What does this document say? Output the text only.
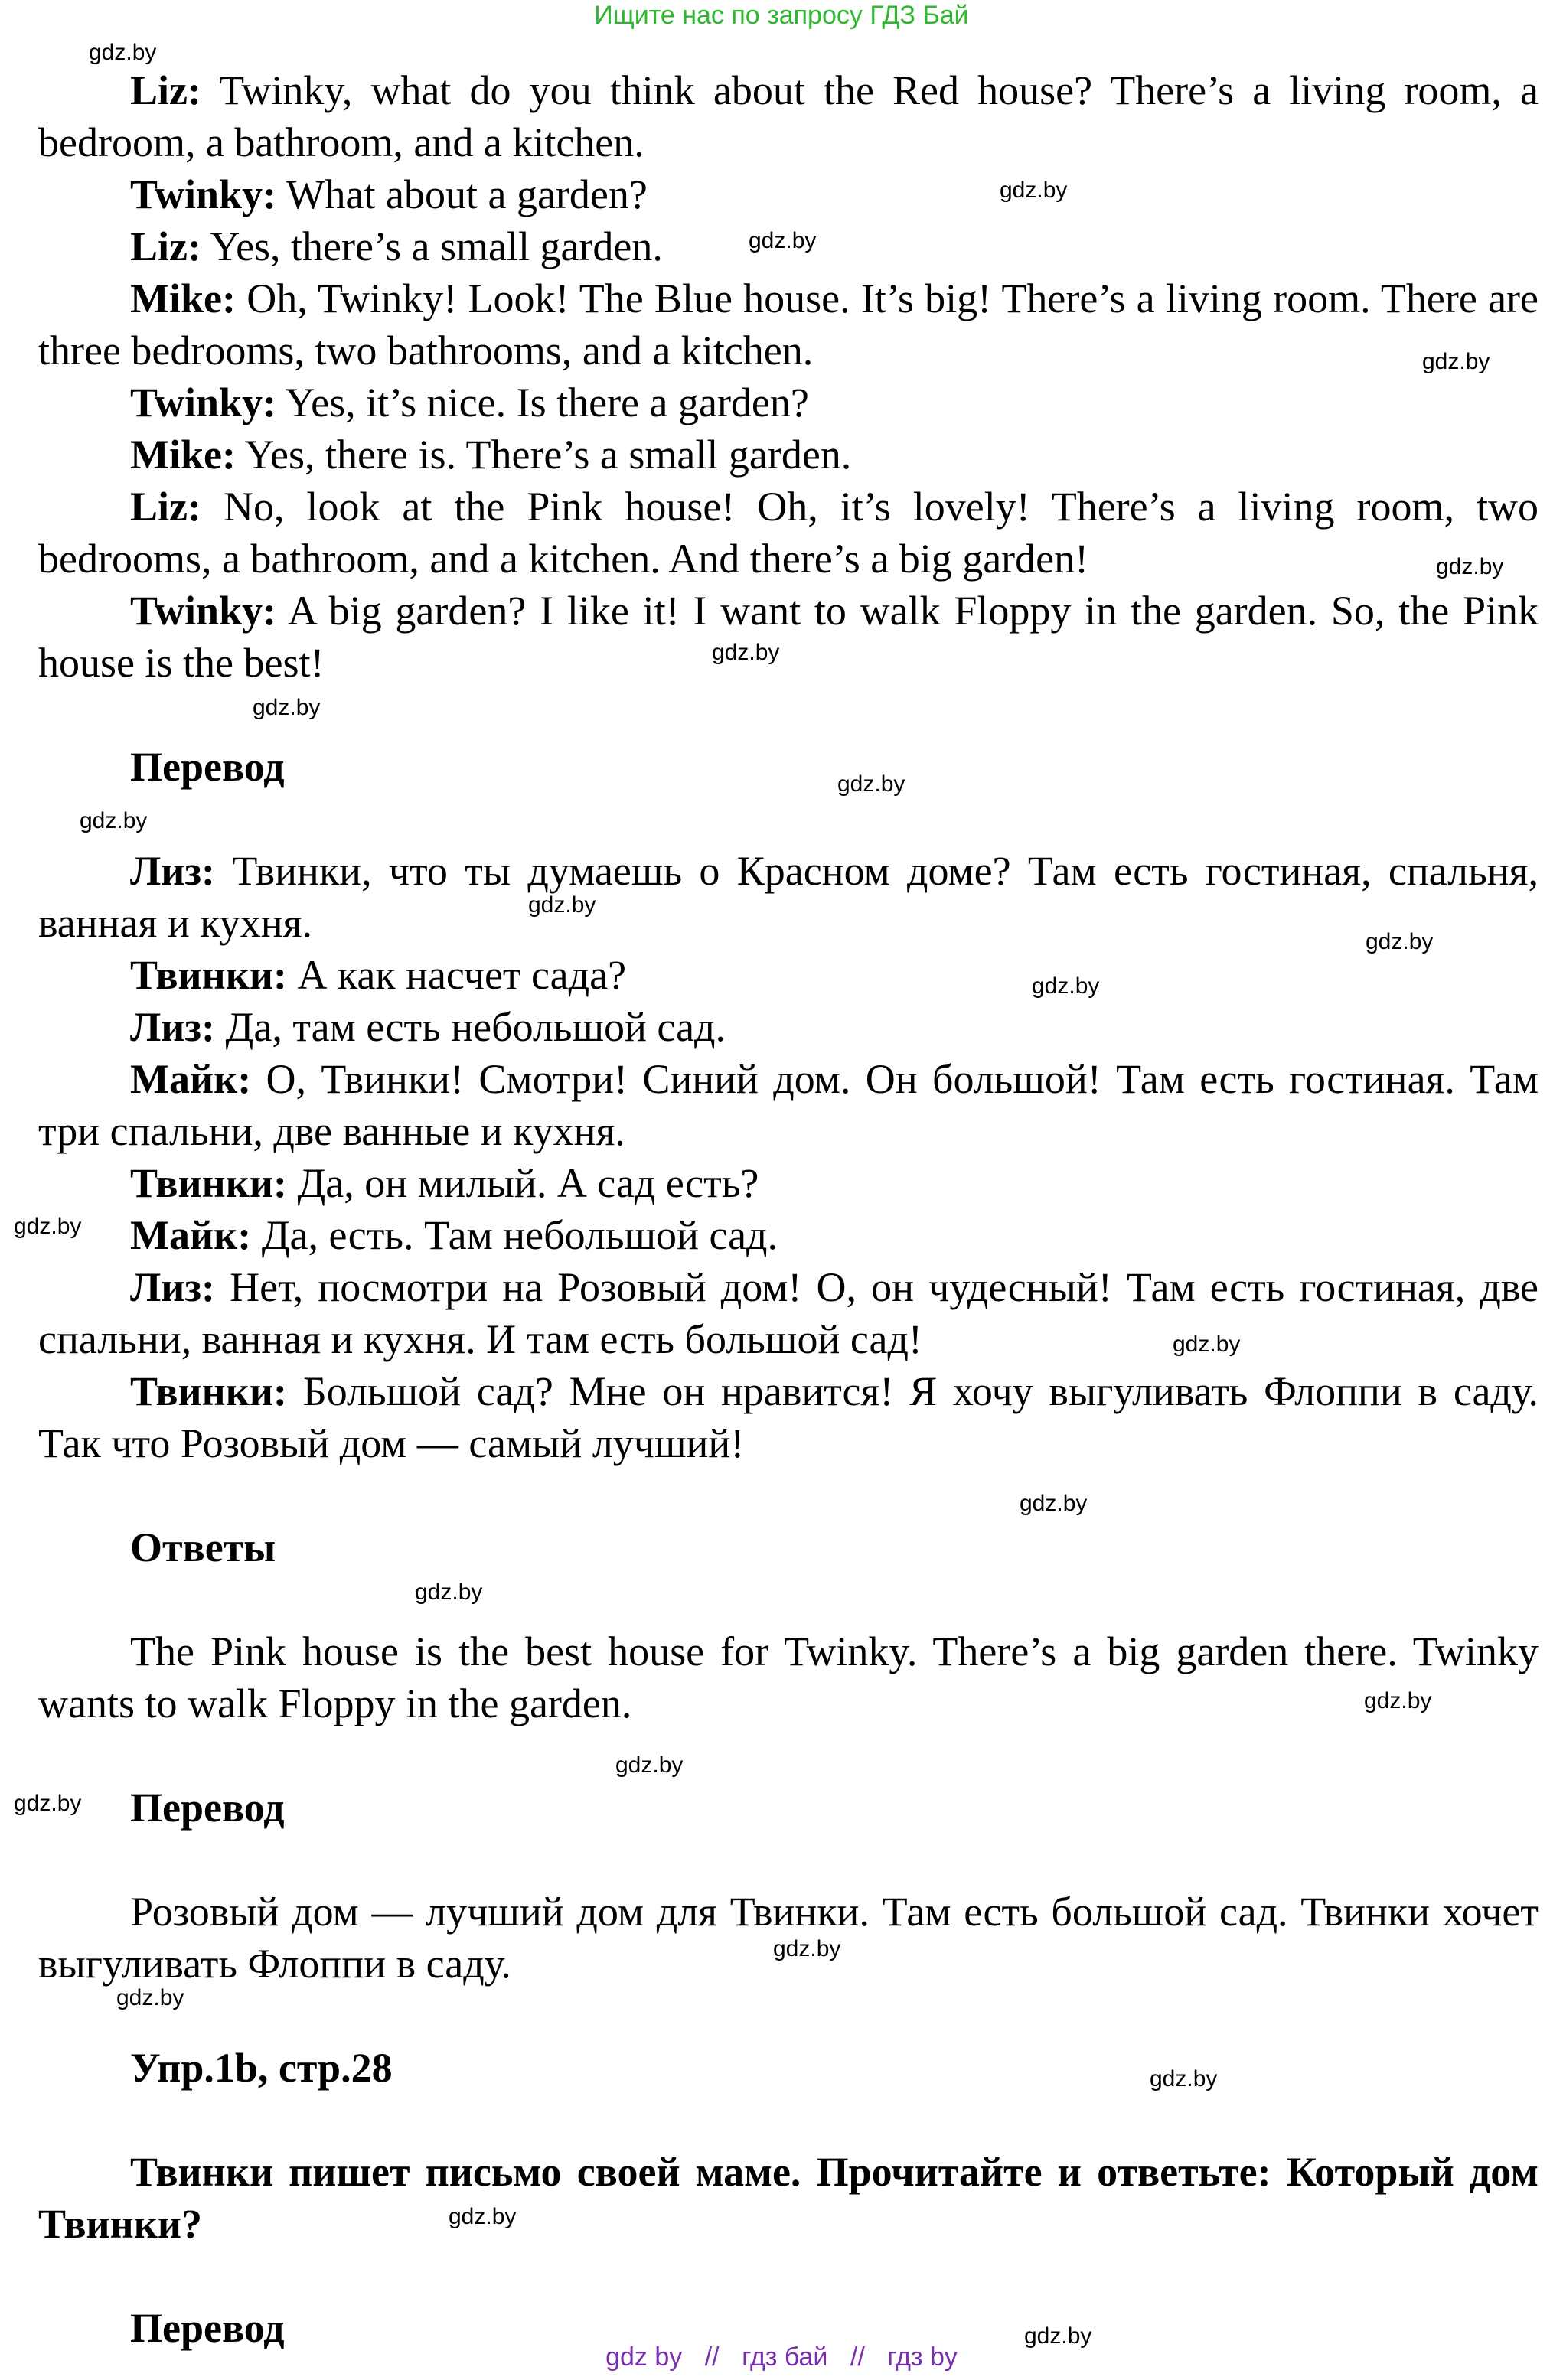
Ищите нас по запросу ГДЗ Бай

Liz: Twinky, what do you think about the Red house? There’s a living room, a bedroom, a bathroom, and a kitchen.

Twinky: What about a garden?

Liz: Yes, there’s a small garden.

Mike: Oh, Twinky! Look! The Blue house. It’s big! There’s a living room. There are three bedrooms, two bathrooms, and a kitchen.

Twinky: Yes, it’s nice. Is there a garden?

Mike: Yes, there is. There’s a small garden.

Liz: No, look at the Pink house! Oh, it’s lovely! There’s a living room, two bedrooms, a bathroom, and a kitchen. And there’s a big garden!

Twinky: A big garden? I like it! I want to walk Floppy in the garden. So, the Pink house is the best!

Перевод

Лиз: Твинки, что ты думаешь о Красном доме? Там есть гостиная, спальня, ванная и кухня.

Твинки: А как насчет сада?

Лиз: Да, там есть небольшой сад.

Майк: О, Твинки! Смотри! Синий дом. Он большой! Там есть гостиная. Там три спальни, две ванные и кухня.

Твинки: Да, он милый. А сад есть?

Майк: Да, есть. Там небольшой сад.

Лиз: Нет, посмотри на Розовый дом! О, он чудесный! Там есть гостиная, две спальни, ванная и кухня. И там есть большой сад!

Твинки: Большой сад? Мне он нравится! Я хочу выгуливать Флоппи в саду. Так что Розовый дом — самый лучший!

Ответы

The Pink house is the best house for Twinky. There’s a big garden there. Twinky wants to walk Floppy in the garden.

Перевод

Розовый дом — лучший дом для Твинки. Там есть большой сад. Твинки хочет выгуливать Флоппи в саду.

Упр.1b, стр.28

Твинки пишет письмо своей маме. Прочитайте и ответьте: Который дом Твинки?

Перевод

gdz.by
gdz.by
gdz.by
gdz.by
gdz.by
gdz.by
gdz.by
gdz.by
gdz.by
gdz.by
gdz.by
gdz.by
gdz.by
gdz.by
gdz.by
gdz.by
gdz.by
gdz.by
gdz.by
gdz.by
gdz.by
gdz.by
gdz.by
gdz.by
gdz by // гдз бай // гдз by
